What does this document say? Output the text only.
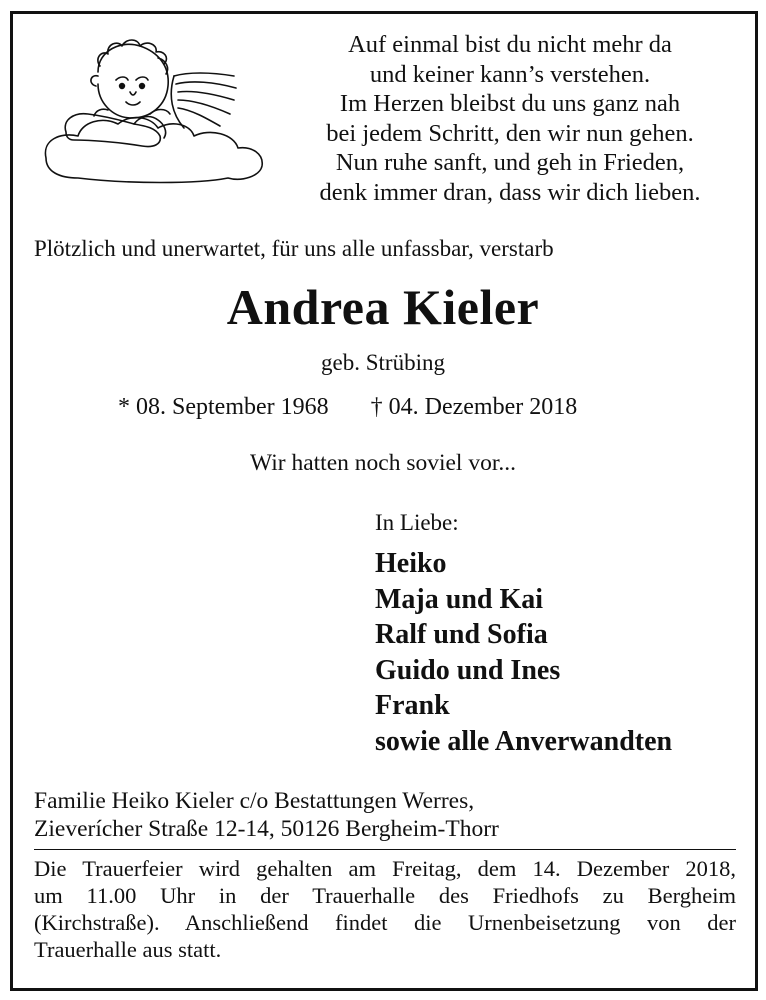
Auf einmal bist du nicht mehr da
und keiner kann’s verstehen.
Im Herzen bleibst du uns ganz nah
bei jedem Schritt, den wir nun gehen.
Nun ruhe sanft, und geh in Frieden,
denk immer dran, dass wir dich lieben.
Plötzlich und unerwartet, für uns alle unfassbar, verstarb
Andrea Kieler
geb. Strübing
* 08. September 1968 † 04. Dezember 2018
Wir hatten noch soviel vor...
In Liebe:
Heiko
Maja und Kai
Ralf und Sofia
Guido und Ines
Frank
sowie alle Anverwandten
Familie Heiko Kieler c/o Bestattungen Werres,
Zieverícher Straße 12-14, 50126 Bergheim-Thorr
Die Trauerfeier wird gehalten am Freitag, dem 14. Dezember 2018,
um 11.00 Uhr in der Trauerhalle des Friedhofs zu Bergheim
(Kirchstraße). Anschließend findet die Urnenbeisetzung von der
Trauerhalle aus statt.
